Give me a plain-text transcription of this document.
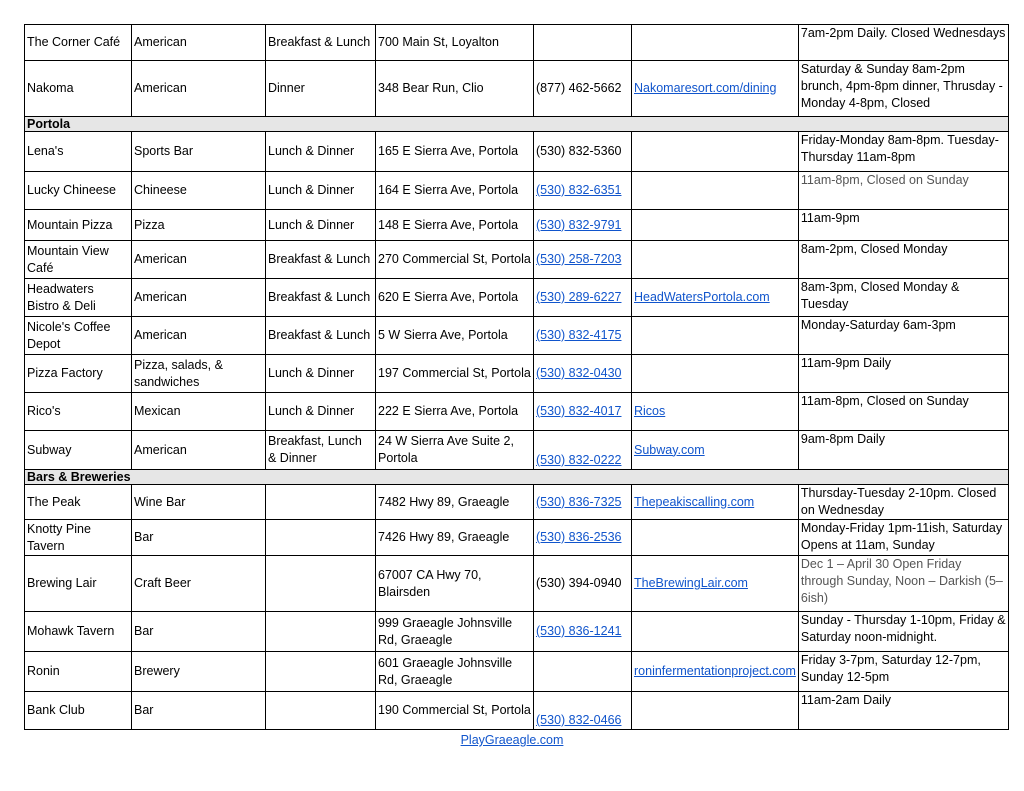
The Corner Café	American	Breakfast & Lunch	700 Main St, Loyalton			7am-2pm Daily. Closed Wednesdays
Nakoma	American	Dinner	348 Bear Run, Clio	(877) 462-5662	Nakomaresort.com/dining	Saturday & Sunday 8am-2pm brunch, 4pm-8pm dinner, Thrusday -Monday 4-8pm, Closed
Portola						
Lena's	Sports Bar	Lunch & Dinner	165 E Sierra Ave, Portola	(530) 832-5360		Friday-Monday 8am-8pm. Tuesday-Thursday 11am-8pm
Lucky Chineese	Chineese	Lunch & Dinner	164 E Sierra Ave, Portola	(530) 832-6351		11am-8pm, Closed on Sunday
Mountain Pizza	Pizza	Lunch & Dinner	148 E Sierra Ave, Portola	(530) 832-9791		11am-9pm
Mountain View Café	American	Breakfast & Lunch	270 Commercial St, Portola	(530) 258-7203		8am-2pm, Closed Monday
Headwaters Bistro & Deli	American	Breakfast & Lunch	620 E Sierra Ave, Portola	(530) 289-6227	HeadWatersPortola.com	8am-3pm, Closed Monday & Tuesday
Nicole's Coffee Depot	American	Breakfast & Lunch	5 W Sierra Ave, Portola	(530) 832-4175		Monday-Saturday 6am-3pm
Pizza Factory	Pizza, salads, & sandwiches	Lunch & Dinner	197 Commercial St, Portola	(530) 832-0430		11am-9pm Daily
Rico's	Mexican	Lunch & Dinner	222 E Sierra Ave, Portola	(530) 832-4017	Ricos	11am-8pm, Closed on Sunday
Subway	American	Breakfast, Lunch & Dinner	24 W Sierra Ave Suite 2, Portola	(530) 832-0222	Subway.com	9am-8pm Daily
Bars & Breweries						
The Peak	Wine Bar		7482 Hwy 89, Graeagle	(530) 836-7325	Thepeakiscalling.com	Thursday-Tuesday 2-10pm. Closed on Wednesday
Knotty Pine Tavern	Bar		7426 Hwy 89, Graeagle	(530) 836-2536		Monday-Friday 1pm-11ish, Saturday Opens at 11am, Sunday
Brewing Lair	Craft Beer		67007 CA Hwy 70, Blairsden	(530) 394-0940	TheBrewingLair.com	Dec 1 – April 30 Open Friday through Sunday, Noon – Darkish (5–6ish)
Mohawk Tavern	Bar		999 Graeagle Johnsville Rd, Graeagle	(530) 836-1241		Sunday - Thursday 1-10pm, Friday & Saturday noon-midnight.
Ronin	Brewery		601 Graeagle Johnsville Rd, Graeagle		roninfermentationproject.com	Friday 3-7pm, Saturday 12-7pm, Sunday 12-5pm
Bank Club	Bar		190 Commercial St, Portola	(530) 832-0466		11am-2am Daily
PlayGraeagle.com
